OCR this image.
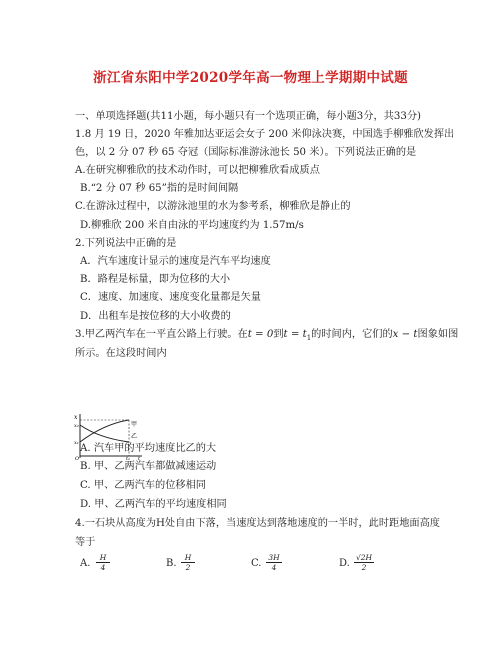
浙江省东阳中学2020学年高一物理上学期期中试题
一、单项选择题(共11小题，每小题只有一个选项正确，每小题3分，共33分)
1.8 月 19 日，2020 年雅加达亚运会女子 200 米仰泳决赛，中国选手柳雅欣发挥出
色，以 2 分 07 秒 65 夺冠（国际标准游泳池长 50 米）。下列说法正确的是
A.在研究柳雅欣的技术动作时，可以把柳雅欣看成质点
B.“2 分 07 秒 65”指的是时间间隔
C.在游泳过程中，以游泳池里的水为参考系，柳雅欣是静止的
D.柳雅欣 200 米自由泳的平均速度约为 1.57m/s
2.下列说法中正确的是
A．汽车速度计显示的速度是汽车平均速度
B．路程是标量，即为位移的大小
C．速度、加速度、速度变化量都是矢量
D．出租车是按位移的大小收费的
3.甲乙两汽车在一平直公路上行驶。在t = 0到$t = t_1$的时间内，它们的x − t图象如图
所示。在这段时间内
x
x₂
x₁
甲
乙
O	t₁ t
A. 汽车甲的平均速度比乙的大
B. 甲、乙两汽车都做减速运动
C. 甲、乙两汽车的位移相同
D. 甲、乙两汽车的平均速度相同
4.一石块从高度为H处自由下落，当速度达到落地速度的一半时，此时距地面高度
等于
A. $\frac{H}{4}$	B. $\frac{H}{2}$	C. $\frac{3H}{4}$	D. $\frac{√2H}{2}$
